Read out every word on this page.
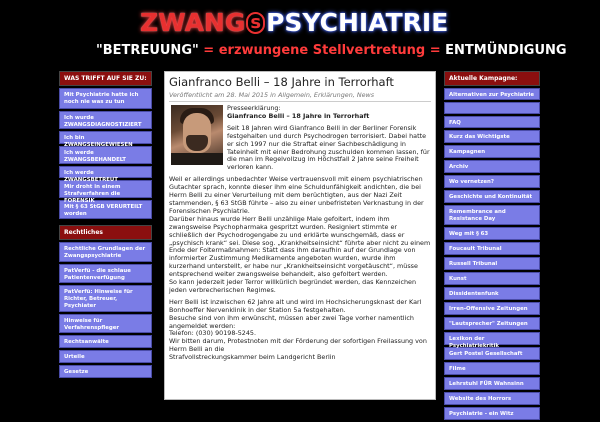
ZWANG s PSYCHIATRIE
"BETREUUNG" = erzwungene Stellvertretung = ENTMÜNDIGUNG
WAS TRIFFT AUF SIE ZU:
Mit Psychiatrie hatte ich noch nie was zu tun
Ich wurde ZWANGSDIAGNOSTIZIERT
Ich bin ZWANGSEINGEWIESEN
Ich werde ZWANGSBEHANDELT
Ich werde ZWANGSBETREUT
Mir droht in einem Strafverfahren die FORENSIK
Mit § 63 StGB VERURTEILT worden
Rechtliches
Rechtliche Grundlagen der Zwangspsychiatrie
PatVerfü - die schlaue Patientenverfügung
PatVerfü: Hinweise für Richter, Betreuer, Psychiater
Hinweise für Verfahrenspfleger
Rechtsanwälte
Urteile
Gesetze
Gianfranco Belli – 18 Jahre in Terrorhaft
Veröffentlicht am 28. Mai 2015 in Allgemein, Erklärungen, News
Presseerklärung:
Gianfranco Belli – 18 Jahre in Terrorhaft
Seit 18 Jahren wird Gianfranco Belli in der Berliner Forensik festgehalten und durch Psychodrogen terrorisiert. Dabei hatte er sich 1997 nur die Straftat einer Sachbeschädigung in Tateinheit mit einer Bedrohung zuschulden kommen lassen, für die man im Regelvollzug im Höchstfall 2 Jahre seine Freiheit verloren kann.
Weil er allerdings unbedachter Weise vertrauensvoll mit einem psychiatrischen Gutachter sprach, konnte dieser ihm eine Schuldunfähigkeit andichten, die bei Herrn Belli zu einer Verurteilung mit dem berüchtigten, aus der Nazi Zeit stammenden, § 63 StGB führte – also zu einer unbefristeten Verknastung in der Forensischen Psychiatrie.
Darüber hinaus wurde Herr Belli unzählige Male gefoltert, indem ihm zwangsweise Psychopharmaka gespritzt wurden. Resigniert stimmte er schließlich der Psychodrogengabe zu und erklärte wunschgemäß, dass er „psychisch krank“ sei. Diese sog. „Krankheitseinsicht“ führte aber nicht zu einem Ende der Foltermaßnahmen: Statt dass ihm daraufhin auf der Grundlage von informierter Zustimmung Medikamente angeboten wurden, wurde ihm kurzerhand unterstellt, er habe nur „Krankheitseinsicht vorgetäuscht“, müsse entsprechend weiter zwangsweise behandelt, also gefoltert werden.
So kann jederzeit jeder Terror willkürlich begründet werden, das Kennzeichen jeden verbrecherischen Regimes.
Herr Belli ist inzwischen 62 Jahre alt und wird im Hochsicherungsknast der Karl Bonhoeffer Nervenklinik in der Station 5a festgehalten.
Besuche sind von ihm erwünscht, müssen aber zwei Tage vorher namentlich angemeldet werden:
Telefon: (030) 90198-5245.
Wir bitten darum, Protestnoten mit der Förderung der sofortigen Freilassung von Herrn Belli an die
Strafvollstreckungskammer beim Landgericht Berlin
Aktuelle Kampagne:
Alternativen zur Psychiatrie
FAQ
Kurz das Wichtigste
Kampagnen
Archiv
Wo vernetzen?
Geschichte und Kontinuität
Remembrance and Resistance Day
Weg mit § 63
Foucault Tribunal
Russell Tribunal
Kunst
Dissidentenfunk
Irren-Offensive Zeitungen
"Lautsprecher" Zeitungen
Lexikon der Psychiatriekritik
Gert Postel Gesellschaft
Filme
Lehrstuhl FÜR Wahnsinn
Website des Horrors
Psychiatrie - ein Witz
